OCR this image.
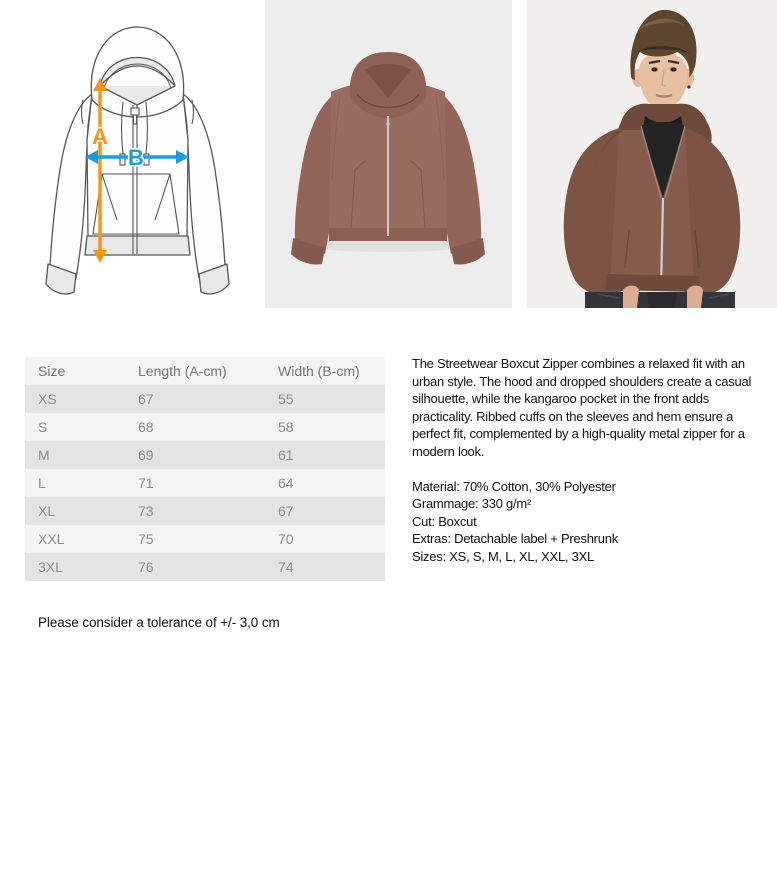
A
B
Size	Length (A-cm)	Width (B-cm)
XS	67	55
S	68	58
M	69	61
L	71	64
XL	73	67
XXL	75	70
3XL	76	74
The Streetwear Boxcut Zipper combines a relaxed fit with an urban style. The hood and dropped shoulders create a casual silhouette, while the kangaroo pocket in the front adds practicality. Ribbed cuffs on the sleeves and hem ensure a perfect fit, complemented by a high-quality metal zipper for a modern look.
Material: 70% Cotton, 30% Polyester
Grammage: 330 g/m²
Cut: Boxcut
Extras: Detachable label + Preshrunk
Sizes: XS, S, M, L, XL, XXL, 3XL
Please consider a tolerance of +/- 3,0 cm
